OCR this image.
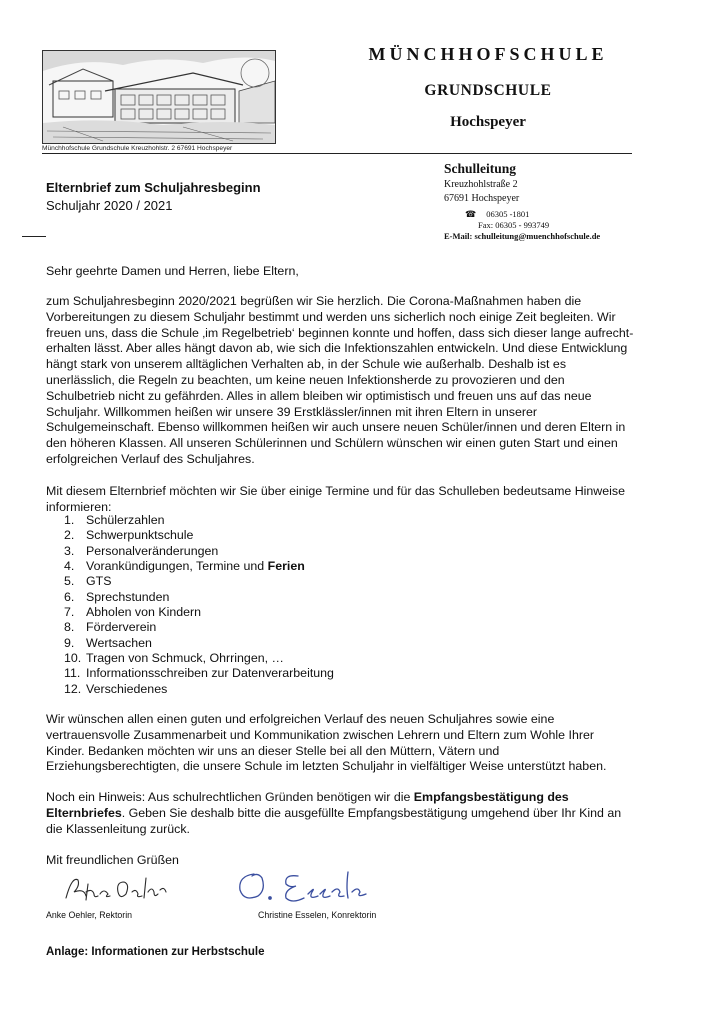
MÜNCHHOFSCHULE
GRUNDSCHULE
Hochspeyer
Münchhofschule Grundschule Kreuzhohlstr. 2 67691 Hochspeyer
Elternbrief zum Schuljahresbeginn
Schuljahr 2020 / 2021
Schulleitung
Kreuzhohlstraße 2
67691 Hochspeyer
☎ 06305 -1801
Fax: 06305 - 993749
E-Mail: schulleitung@muenchhofschule.de
Sehr geehrte Damen und Herren, liebe Eltern,
zum Schuljahresbeginn 2020/2021 begrüßen wir Sie herzlich. Die Corona-Maßnahmen haben die
Vorbereitungen zu diesem Schuljahr bestimmt und werden uns sicherlich noch einige Zeit begleiten. Wir
freuen uns, dass die Schule ‚im Regelbetrieb‘ beginnen konnte und hoffen, dass sich dieser lange aufrecht-
erhalten lässt. Aber alles hängt davon ab, wie sich die Infektionszahlen entwickeln. Und diese Entwicklung
hängt stark von unserem alltäglichen Verhalten ab, in der Schule wie außerhalb. Deshalb ist es
unerlässlich, die Regeln zu beachten, um keine neuen Infektionsherde zu provozieren und den
Schulbetrieb nicht zu gefährden. Alles in allem bleiben wir optimistisch und freuen uns auf das neue
Schuljahr. Willkommen heißen wir unsere 39 Erstklässler/innen mit ihren Eltern in unserer
Schulgemeinschaft. Ebenso willkommen heißen wir auch unsere neuen Schüler/innen und deren Eltern in
den höheren Klassen. All unseren Schülerinnen und Schülern wünschen wir einen guten Start und einen
erfolgreichen Verlauf des Schuljahres.
Mit diesem Elternbrief möchten wir Sie über einige Termine und für das Schulleben bedeutsame Hinweise
informieren:
1. Schülerzahlen
2. Schwerpunktschule
3. Personalveränderungen
4. Vorankündigungen, Termine und Ferien
5. GTS
6. Sprechstunden
7. Abholen von Kindern
8. Förderverein
9. Wertsachen
10. Tragen von Schmuck, Ohrringen, …
11. Informationsschreiben zur Datenverarbeitung
12. Verschiedenes
Wir wünschen allen einen guten und erfolgreichen Verlauf des neuen Schuljahres sowie eine
vertrauensvolle Zusammenarbeit und Kommunikation zwischen Lehrern und Eltern zum Wohle Ihrer
Kinder. Bedanken möchten wir uns an dieser Stelle bei all den Müttern, Vätern und
Erziehungsberechtigten, die unsere Schule im letzten Schuljahr in vielfältiger Weise unterstützt haben.
Noch ein Hinweis: Aus schulrechtlichen Gründen benötigen wir die Empfangsbestätigung des
Elternbriefes. Geben Sie deshalb bitte die ausgefüllte Empfangsbestätigung umgehend über Ihr Kind an
die Klassenleitung zurück.
Mit freundlichen Grüßen
Anke Oehler, Rektorin	Christine Esselen, Konrektorin
Anlage: Informationen zur Herbstschule
